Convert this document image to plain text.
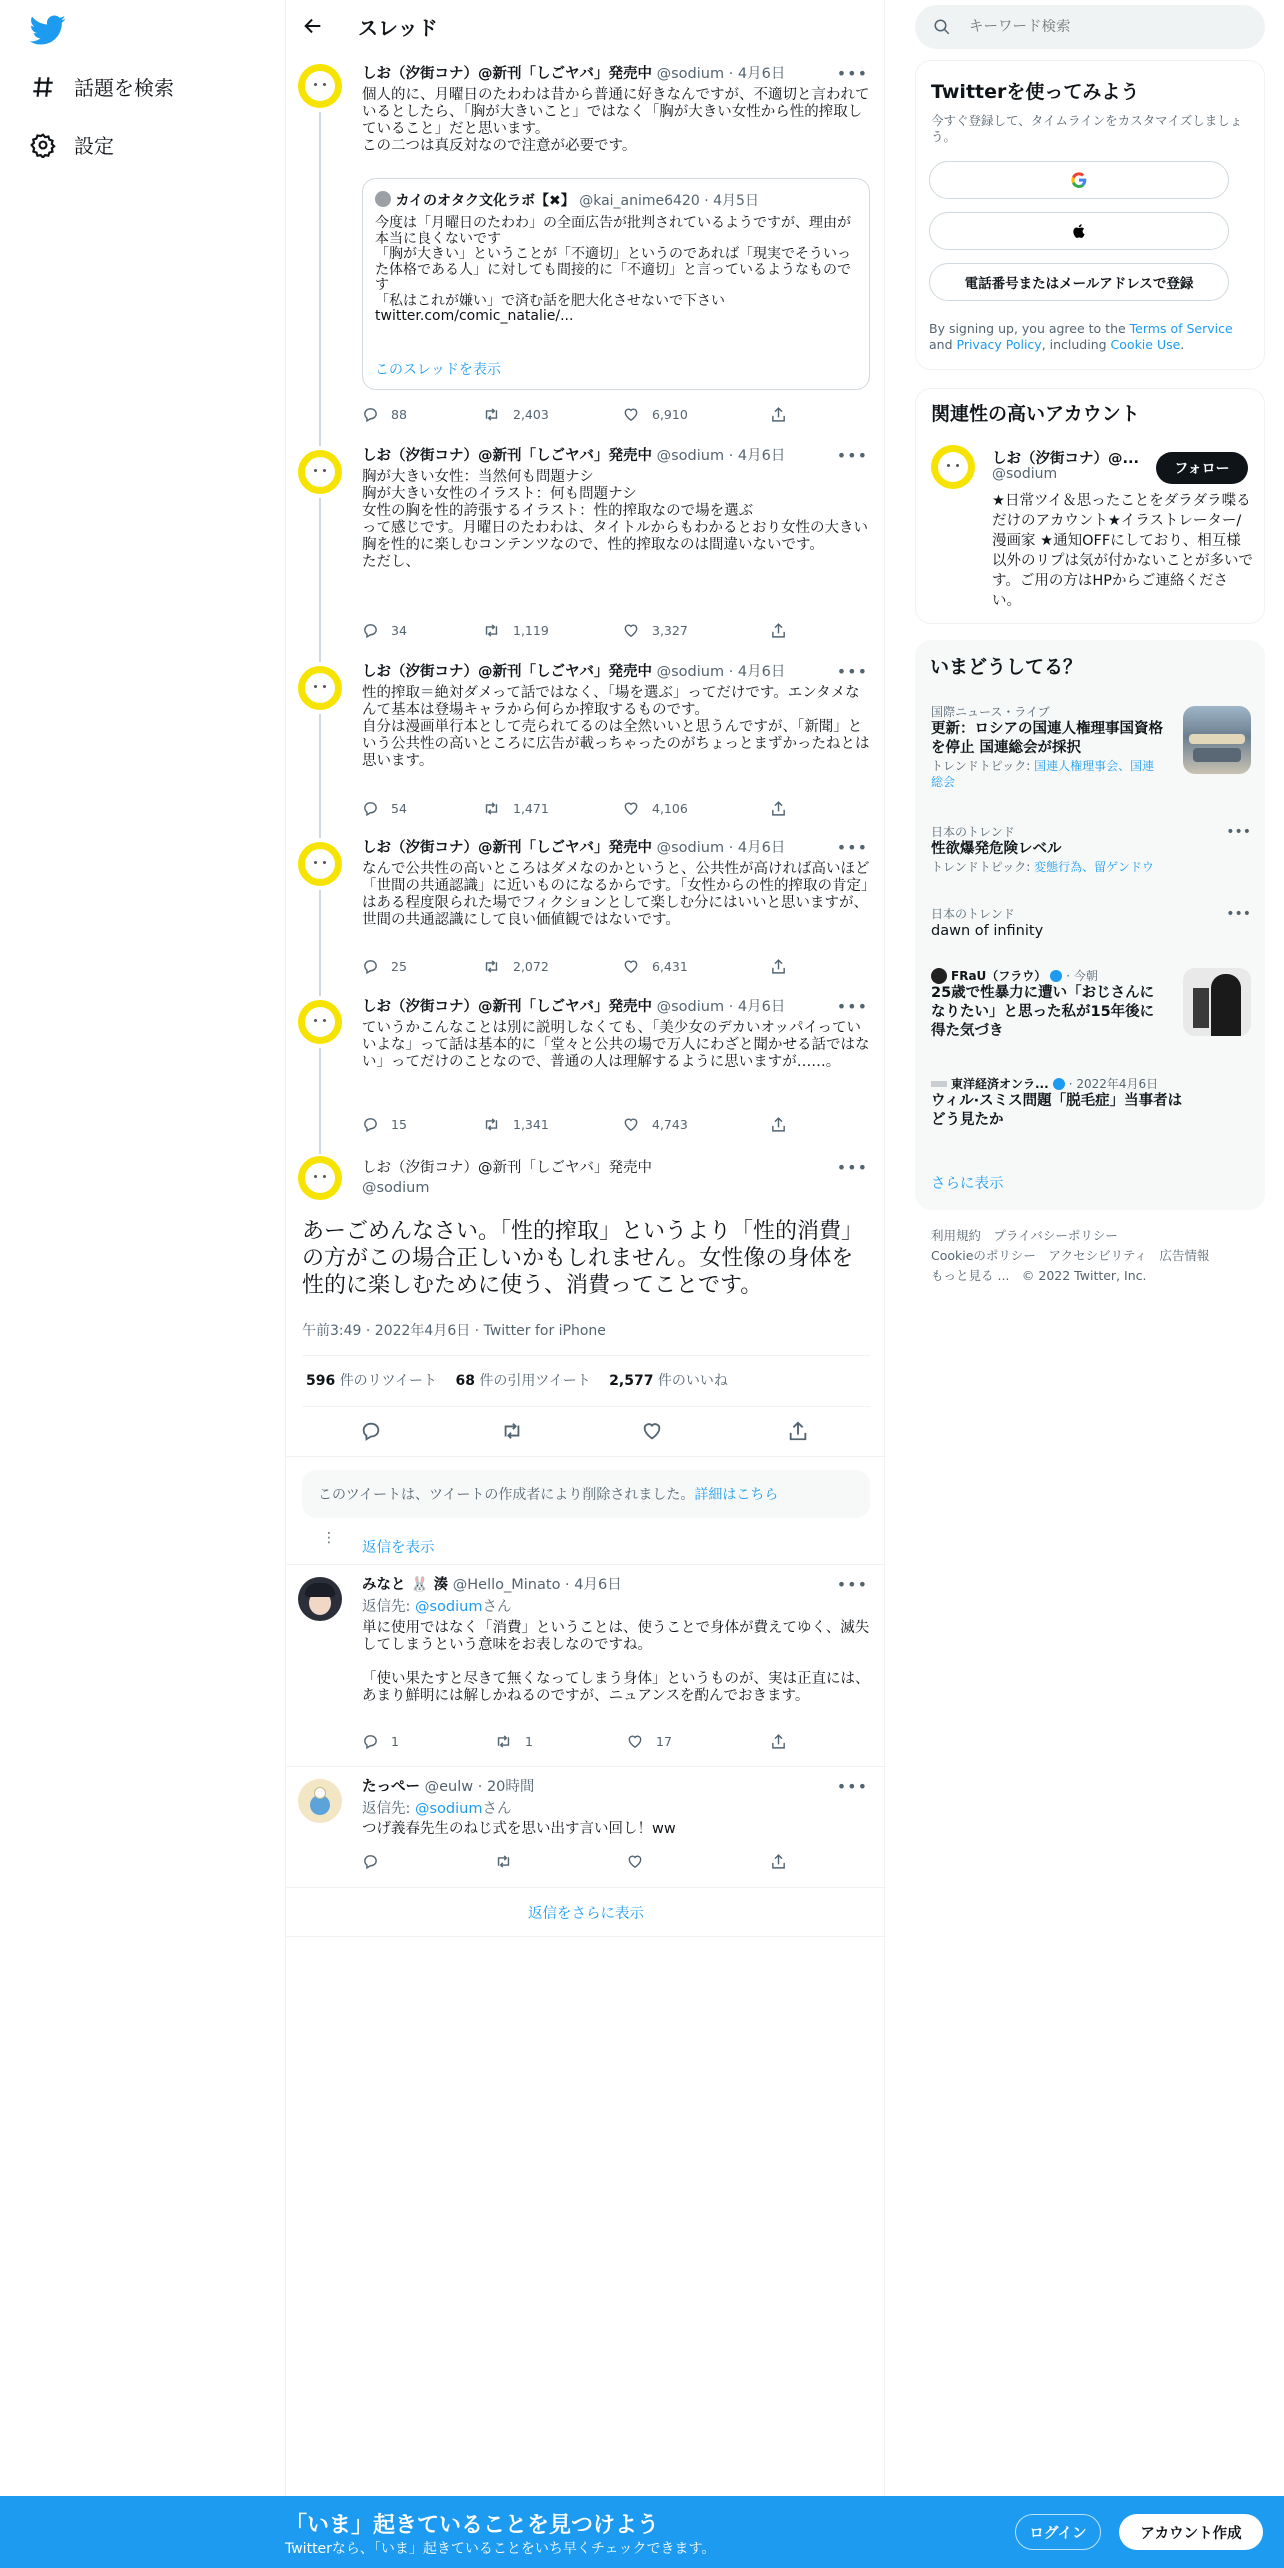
話題を検索
設定
スレッド
しお（汐街コナ）@新刊「しごヤバ」発売中 @sodium · 4月6日	•••
個人的に、月曜日のたわわは昔から普通に好きなんですが、不適切と言われているとしたら、「胸が大きいこと」ではなく「胸が大きい女性から性的搾取していること」だと思います。
この二つは真反対なので注意が必要です。
カイのオタク文化ラボ【✖】 @kai_anime6420 · 4月5日
今度は「月曜日のたわわ」の全面広告が批判されているようですが、理由が本当に良くないです
「胸が大きい」ということが「不適切」というのであれば「現実でそういった体格である人」に対しても間接的に「不適切」と言っているようなものです
「私はこれが嫌い」で済む話を肥大化させないで下さい
twitter.com/comic_natalie/...
このスレッドを表示
88	2,403	6,910
しお（汐街コナ）@新刊「しごヤバ」発売中 @sodium · 4月6日	•••
胸が大きい女性：当然何も問題ナシ
胸が大きい女性のイラスト：何も問題ナシ
女性の胸を性的誇張するイラスト：性的搾取なので場を選ぶ
って感じです。月曜日のたわわは、タイトルからもわかるとおり女性の大きい胸を性的に楽しむコンテンツなので、性的搾取なのは間違いないです。
ただし、
34	1,119	3,327
しお（汐街コナ）@新刊「しごヤバ」発売中 @sodium · 4月6日	•••
性的搾取＝絶対ダメって話ではなく、「場を選ぶ」ってだけです。エンタメなんて基本は登場キャラから何らか搾取するものです。
自分は漫画単行本として売られてるのは全然いいと思うんですが、「新聞」という公共性の高いところに広告が載っちゃったのがちょっとまずかったねとは思います。
54	1,471	4,106
しお（汐街コナ）@新刊「しごヤバ」発売中 @sodium · 4月6日	•••
なんで公共性の高いところはダメなのかというと、公共性が高ければ高いほど「世間の共通認識」に近いものになるからです。「女性からの性的搾取の肯定」はある程度限られた場でフィクションとして楽しむ分にはいいと思いますが、世間の共通認識にして良い価値観ではないです。
25	2,072	6,431
しお（汐街コナ）@新刊「しごヤバ」発売中 @sodium · 4月6日	•••
ていうかこんなことは別に説明しなくても、「美少女のデカいオッパイっていいよな」って話は基本的に「堂々と公共の場で万人にわざと聞かせる話ではない」ってだけのことなので、普通の人は理解するように思いますが……。
15	1,341	4,743
しお（汐街コナ）@新刊「しごヤバ」発売中
@sodium
•••
あーごめんなさい。「性的搾取」というより「性的消費」の方がこの場合正しいかもしれません。女性像の身体を性的に楽しむために使う、消費ってことです。
午前3:49 · 2022年4月6日 · Twitter for iPhone
596 件のリツイート 68 件の引用ツイート 2,577 件のいいね
このツイートは、ツイートの作成者により削除されました。 詳細はこちら
⋮
返信を表示
みなと 🐰 湊 @Hello_Minato · 4月6日	•••
返信先: @sodiumさん
単に使用ではなく「消費」ということは、使うことで身体が費えてゆく、滅失してしまうという意味をお表しなのですね。

「使い果たすと尽きて無くなってしまう身体」というものが、実は正直には、あまり鮮明には解しかねるのですが、ニュアンスを酌んでおきます。
1	1	17
たっぺー @eulw · 20時間	•••
返信先: @sodiumさん
つげ義春先生のねじ式を思い出す言い回し！ww
返信をさらに表示
キーワード検索
Twitterを使ってみよう
今すぐ登録して、タイムラインをカスタマイズしましょう。
電話番号またはメールアドレスで登録
By signing up, you agree to the Terms of Service and Privacy Policy, including Cookie Use.
関連性の高いアカウント
しお（汐街コナ）@...
@sodium	フォロー
★日常ツイ＆思ったことをダラダラ喋るだけのアカウント★イラストレーター/漫画家 ★通知OFFにしており、相互様以外のリプは気が付かないことが多いです。ご用の方はHPからご連絡ください。
いまどうしてる？
国際ニュース・ライブ
更新：ロシアの国連人権理事国資格を停止 国連総会が採択
トレンドトピック: 国連人権理事会、国連総会
日本のトレンド
性欲爆発危険レベル
トレンドトピック: 変態行為、留ゲンドウ
•••
日本のトレンド
dawn of infinity
•••
FRaU（フラウ） · 今朝
25歳で性暴力に遭い「おじさんになりたい」と思った私が15年後に得た気づき
東洋経済オンラ... · 2022年4月6日
ウィル·スミス問題「脱毛症」当事者はどう見たか
さらに表示
利用規約　 プライバシーポリシー
Cookieのポリシー　 アクセシビリティ　 広告情報
もっと見る ...　 © 2022 Twitter, Inc.
「いま」起きていることを見つけよう
Twitterなら、「いま」起きていることをいち早くチェックできます。
ログイン	アカウント作成
